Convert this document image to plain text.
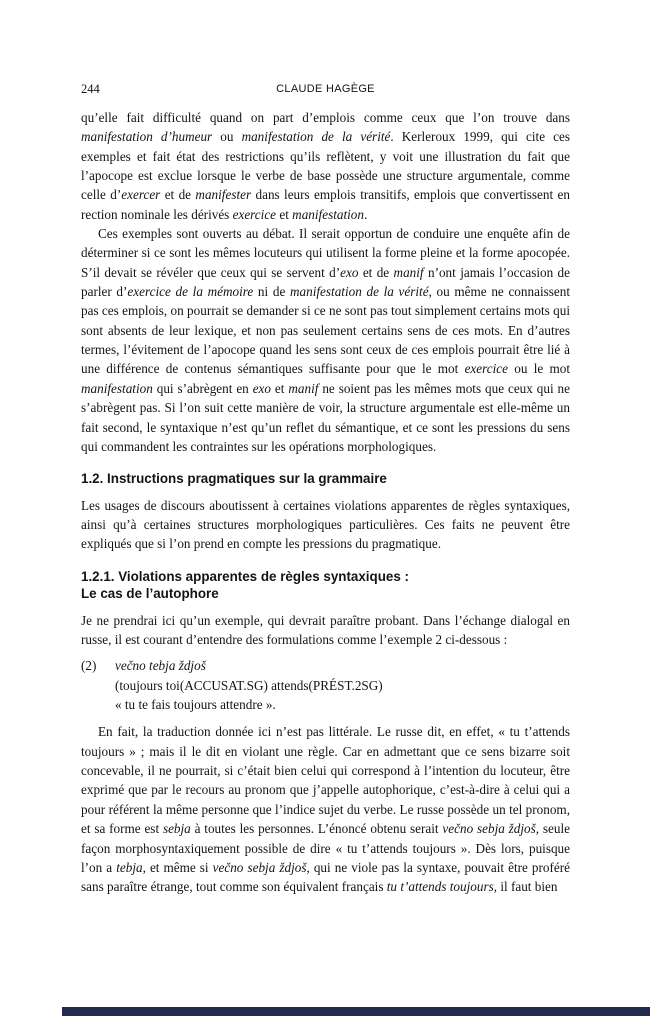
244	CLAUDE HAGÈGE

qu’elle fait difficulté quand on part d’emplois comme ceux que l’on trouve dans manifestation d’humeur ou manifestation de la vérité. Kerleroux 1999, qui cite ces exemples et fait état des restrictions qu’ils reflètent, y voit une illustration du fait que l’apocope est exclue lorsque le verbe de base possède une structure argumentale, comme celle d’exercer et de manifester dans leurs emplois transitifs, emplois que convertissent en rection nominale les dérivés exercice et manifestation.

Ces exemples sont ouverts au débat. Il serait opportun de conduire une enquête afin de déterminer si ce sont les mêmes locuteurs qui utilisent la forme pleine et la forme apocopée. S’il devait se révéler que ceux qui se servent d’exo et de manif n’ont jamais l’occasion de parler d’exercice de la mémoire ni de manifestation de la vérité, ou même ne connaissent pas ces emplois, on pourrait se demander si ce ne sont pas tout simplement certains mots qui sont absents de leur lexique, et non pas seulement certains sens de ces mots. En d’autres termes, l’évitement de l’apocope quand les sens sont ceux de ces emplois pourrait être lié à une différence de contenus sémantiques suffisante pour que le mot exercice ou le mot manifestation qui s’abrègent en exo et manif ne soient pas les mêmes mots que ceux qui ne s’abrègent pas. Si l’on suit cette manière de voir, la structure argumentale est elle-même un fait second, le syntaxique n’est qu’un reflet du sémantique, et ce sont les pressions du sens qui commandent les contraintes sur les opérations morphologiques.

1.2. Instructions pragmatiques sur la grammaire

Les usages de discours aboutissent à certaines violations apparentes de règles syntaxiques, ainsi qu’à certaines structures morphologiques particulières. Ces faits ne peuvent être expliqués que si l’on prend en compte les pressions du pragmatique.

1.2.1. Violations apparentes de règles syntaxiques :
Le cas de l’autophore

Je ne prendrai ici qu’un exemple, qui devrait paraître probant. Dans l’échange dialogal en russe, il est courant d’entendre des formulations comme l’exemple 2 ci-dessous :

(2)	večno tebja ždjoš
(toujours toi(ACCUSAT.SG) attends(PRÉST.2SG)
« tu te fais toujours attendre ».

En fait, la traduction donnée ici n’est pas littérale. Le russe dit, en effet, « tu t’attends toujours » ; mais il le dit en violant une règle. Car en admettant que ce sens bizarre soit concevable, il ne pourrait, si c’était bien celui qui correspond à l’intention du locuteur, être exprimé que par le recours au pronom que j’appelle autophorique, c’est-à-dire à celui qui a pour référent la même personne que l’indice sujet du verbe. Le russe possède un tel pronom, et sa forme est sebja à toutes les personnes. L’énoncé obtenu serait večno sebja ždjoš, seule façon morphosyntaxiquement possible de dire « tu t’attends toujours ». Dès lors, puisque l’on a tebja, et même si večno sebja ždjoš, qui ne viole pas la syntaxe, pouvait être proféré sans paraître étrange, tout comme son équivalent français tu t’attends toujours, il faut bien
